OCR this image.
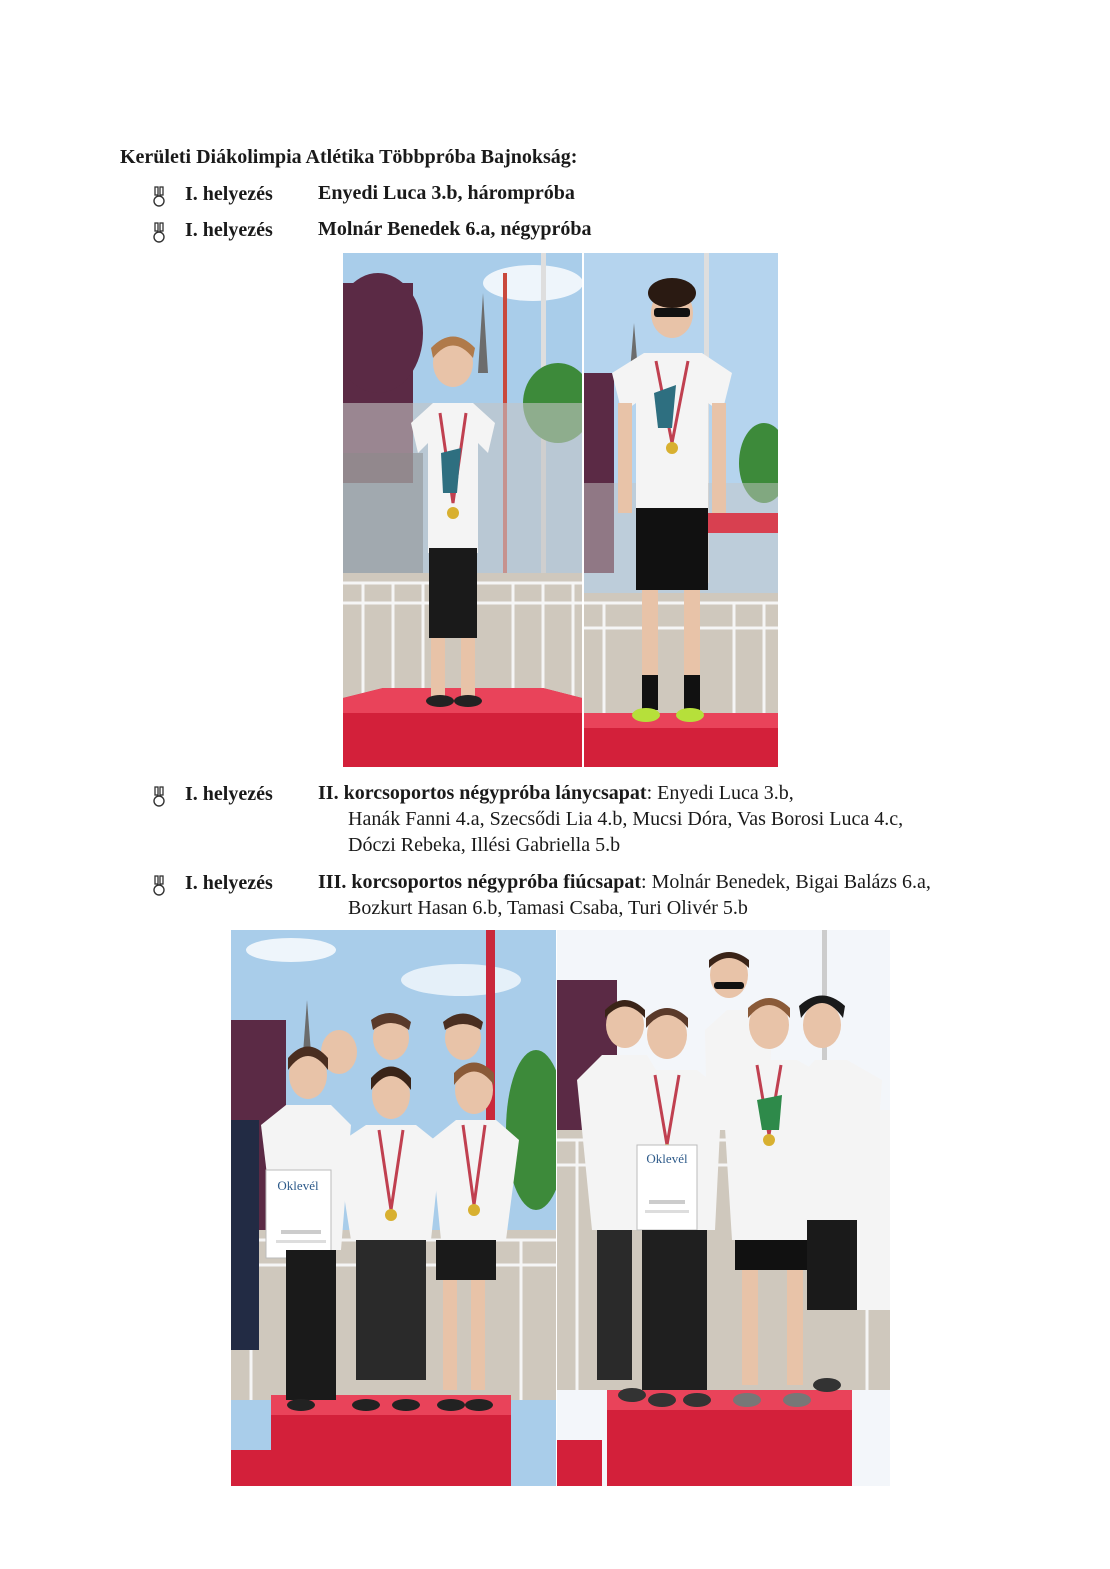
Kerületi Diákolimpia Atlétika Többpróba Bajnokság:
I. helyezés Enyedi Luca 3.b, hárompróba
I. helyezés Molnár Benedek 6.a, négypróba
I. helyezés II. korcsoportos négypróba lánycsapat: Enyedi Luca 3.b,
Hanák Fanni 4.a, Szecsődi Lia 4.b, Mucsi Dóra, Vas Borosi Luca 4.c,
Dóczi Rebeka, Illési Gabriella 5.b
I. helyezés III. korcsoportos négypróba fiúcsapat: Molnár Benedek, Bigai Balázs 6.a,
Bozkurt Hasan 6.b, Tamasi Csaba, Turi Olivér 5.b
Oklevél
Oklevél
